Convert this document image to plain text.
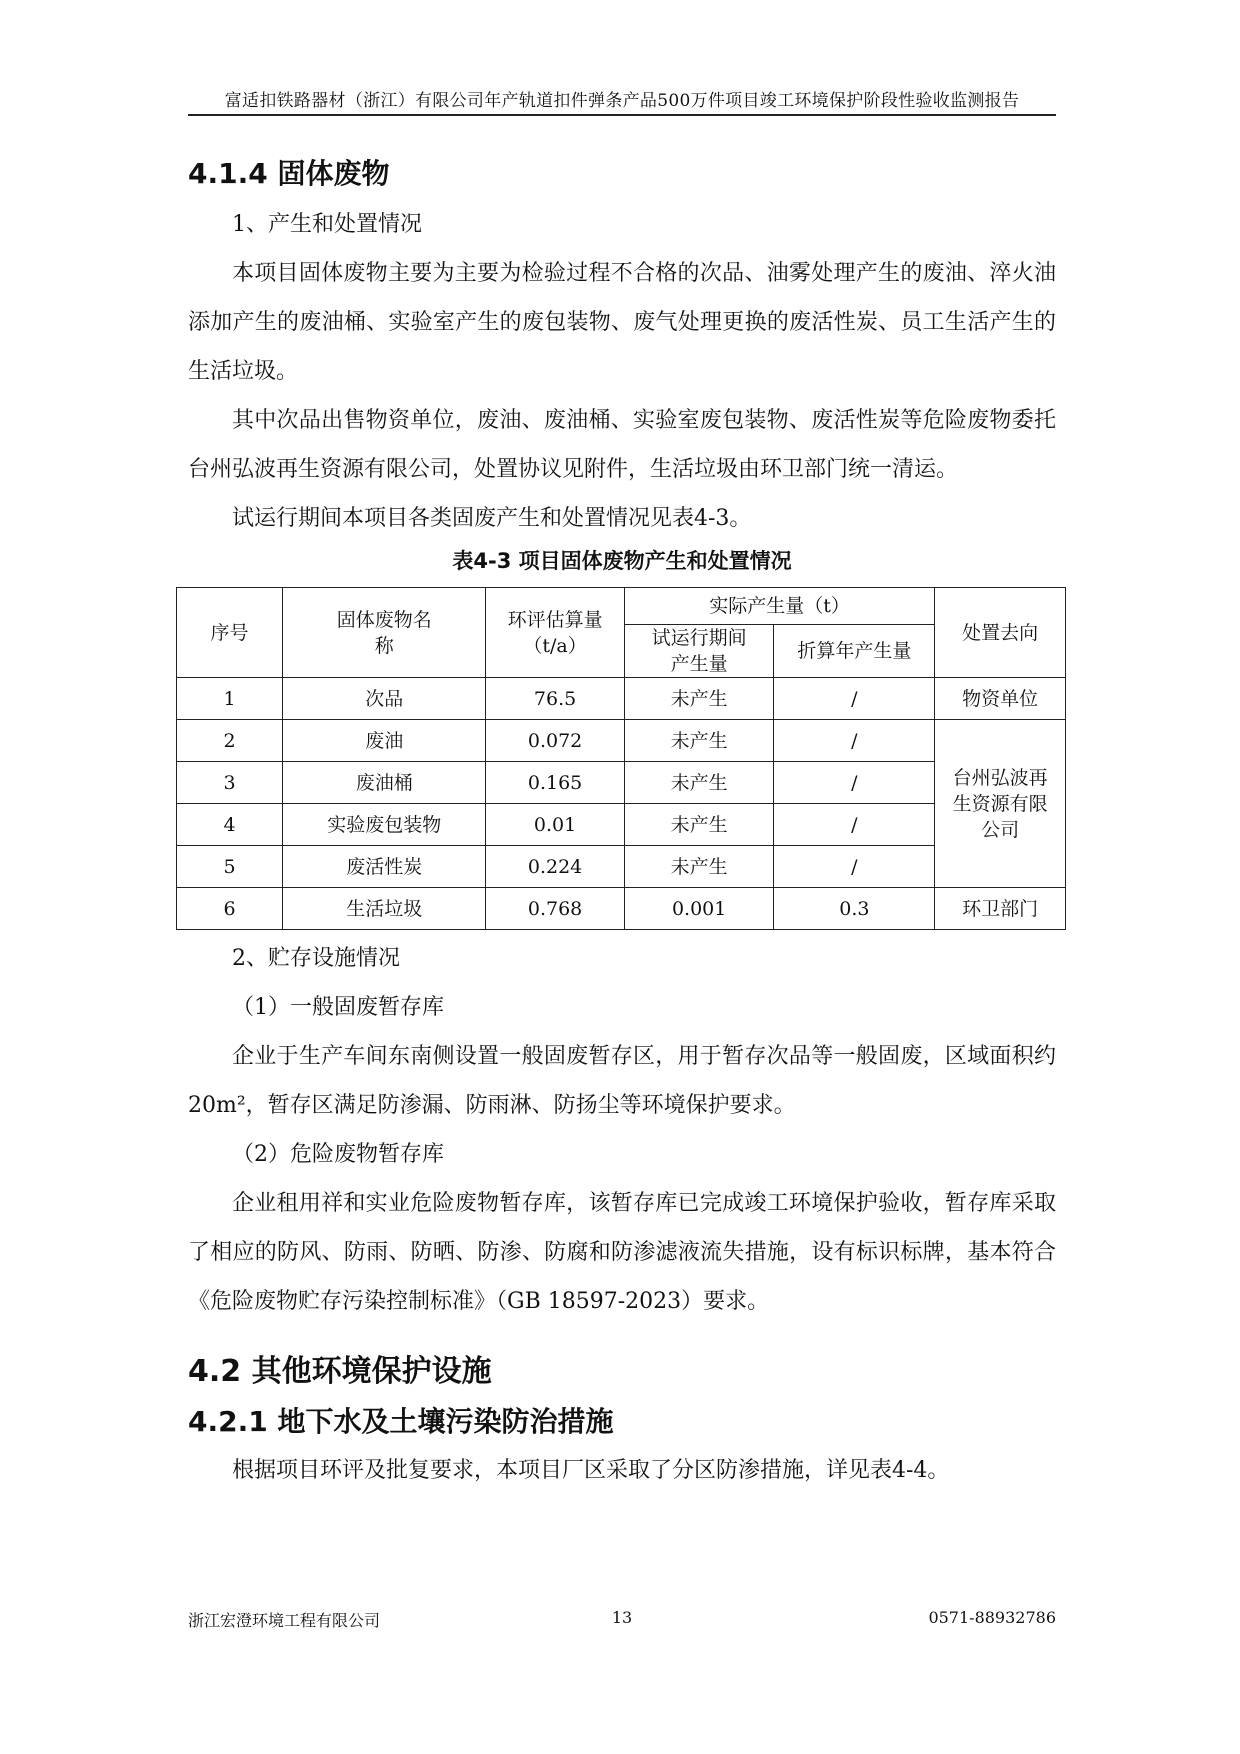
富适扣铁路器材（浙江）有限公司年产轨道扣件弹条产品500万件项目竣工环境保护阶段性验收监测报告
4.1.4 固体废物

1、产生和处置情况

本项目固体废物主要为主要为检验过程不合格的次品、油雾处理产生的废油、淬火油添加产生的废油桶、实验室产生的废包装物、废气处理更换的废活性炭、员工生活产生的生活垃圾。

其中次品出售物资单位，废油、废油桶、实验室废包装物、废活性炭等危险废物委托台州弘波再生资源有限公司，处置协议见附件，生活垃圾由环卫部门统一清运。

试运行期间本项目各类固废产生和处置情况见表4-3。

表4-3 项目固体废物产生和处置情况
序号	固体废物名称	环评估算量（t/a）	实际产生量（t）		处置去向

			试运行期间产生量	折算年产生量	
1	次品	76.5	未产生	/	物资单位
2	废油	0.072	未产生	/	台州弘波再生资源有限公司

3	废油桶	0.165	未产生	/	
4	实验废包装物	0.01	未产生	/	
5	废活性炭	0.224	未产生	/	
6	生活垃圾	0.768	0.001	0.3	环卫部门

2、贮存设施情况

（1）一般固废暂存库

企业于生产车间东南侧设置一般固废暂存区，用于暂存次品等一般固废，区域面积约20m²，暂存区满足防渗漏、防雨淋、防扬尘等环境保护要求。

（2）危险废物暂存库

企业租用祥和实业危险废物暂存库，该暂存库已完成竣工环境保护验收，暂存库采取了相应的防风、防雨、防晒、防渗、防腐和防渗滤液流失措施，设有标识标牌，基本符合《危险废物贮存污染控制标准》（GB 18597-2023）要求。

4.2 其他环境保护设施
4.2.1 地下水及土壤污染防治措施

根据项目环评及批复要求，本项目厂区采取了分区防渗措施，详见表4-4。

浙江宏澄环境工程有限公司	13	0571-88932786
